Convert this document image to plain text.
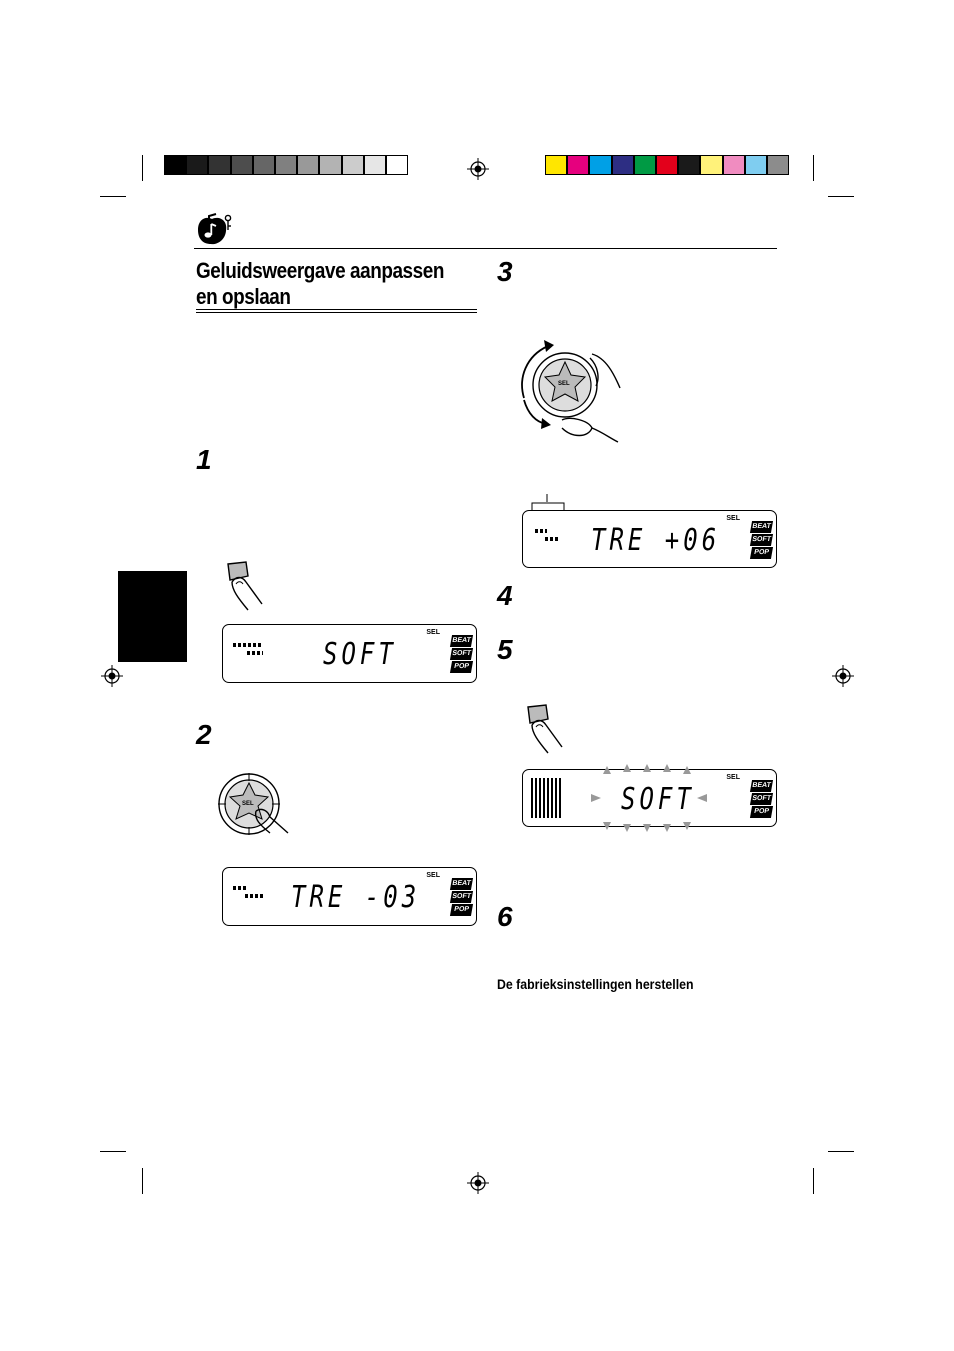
Geluidsweergave aanpassen
en opslaan
1
2
3
4
5
6
SEL
SEL
SOFT
SEL
BEAT
SOFT
POP
TRE -03
SEL
BEAT
SOFT
POP
TRE +06
SEL
BEAT
SOFT
POP
SOFT
SEL
BEAT
SOFT
POP
De fabrieksinstellingen herstellen
